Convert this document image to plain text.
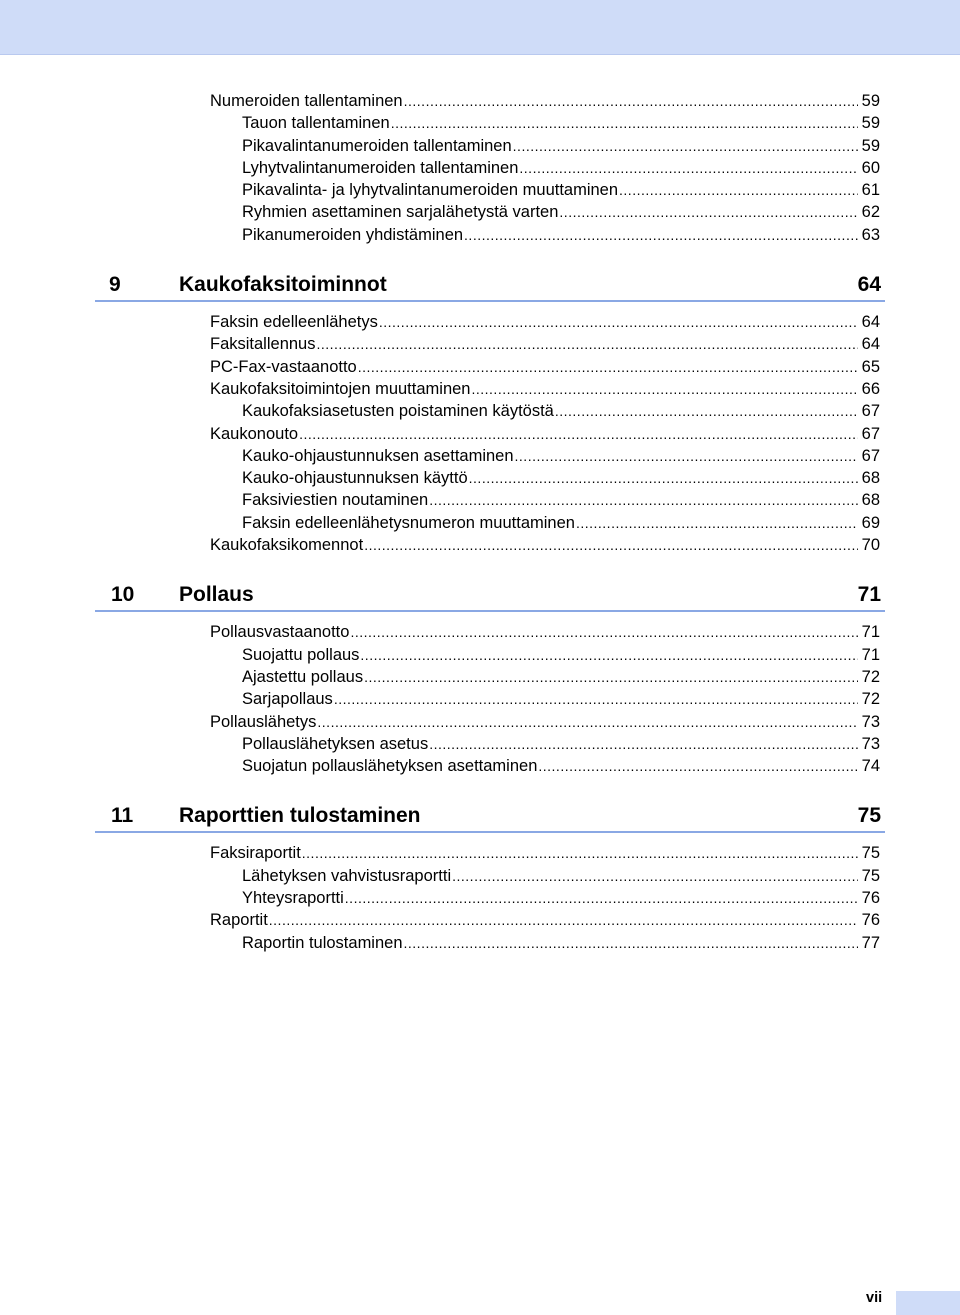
Numeroiden tallentaminen .....	59
Tauon tallentaminen .....	59
Pikavalintanumeroiden tallentaminen .....	59
Lyhytvalintanumeroiden tallentaminen .....	60
Pikavalinta- ja lyhytvalintanumeroiden muuttaminen .....	61
Ryhmien asettaminen sarjalähetystä varten .....	62
Pikanumeroiden yhdistäminen .....	63
9	Kaukofaksitoiminnot	64
Faksin edelleenlähetys .....	64
Faksitallennus .....	64
PC-Fax-vastaanotto .....	65
Kaukofaksitoimintojen muuttaminen .....	66
Kaukofaksiasetusten poistaminen käytöstä .....	67
Kaukonouto .....	67
Kauko-ohjaustunnuksen asettaminen .....	67
Kauko-ohjaustunnuksen käyttö .....	68
Faksiviestien noutaminen .....	68
Faksin edelleenlähetysnumeron muuttaminen .....	69
Kaukofaksikomennot .....	70
10	Pollaus	71
Pollausvastaanotto .....	71
Suojattu pollaus .....	71
Ajastettu pollaus .....	72
Sarjapollaus .....	72
Pollauslähetys .....	73
Pollauslähetyksen asetus .....	73
Suojatun pollauslähetyksen asettaminen .....	74
11	Raporttien tulostaminen	75
Faksiraportit .....	75
Lähetyksen vahvistusraportti .....	75
Yhteysraportti .....	76
Raportit .....	76
Raportin tulostaminen .....	77
vii
